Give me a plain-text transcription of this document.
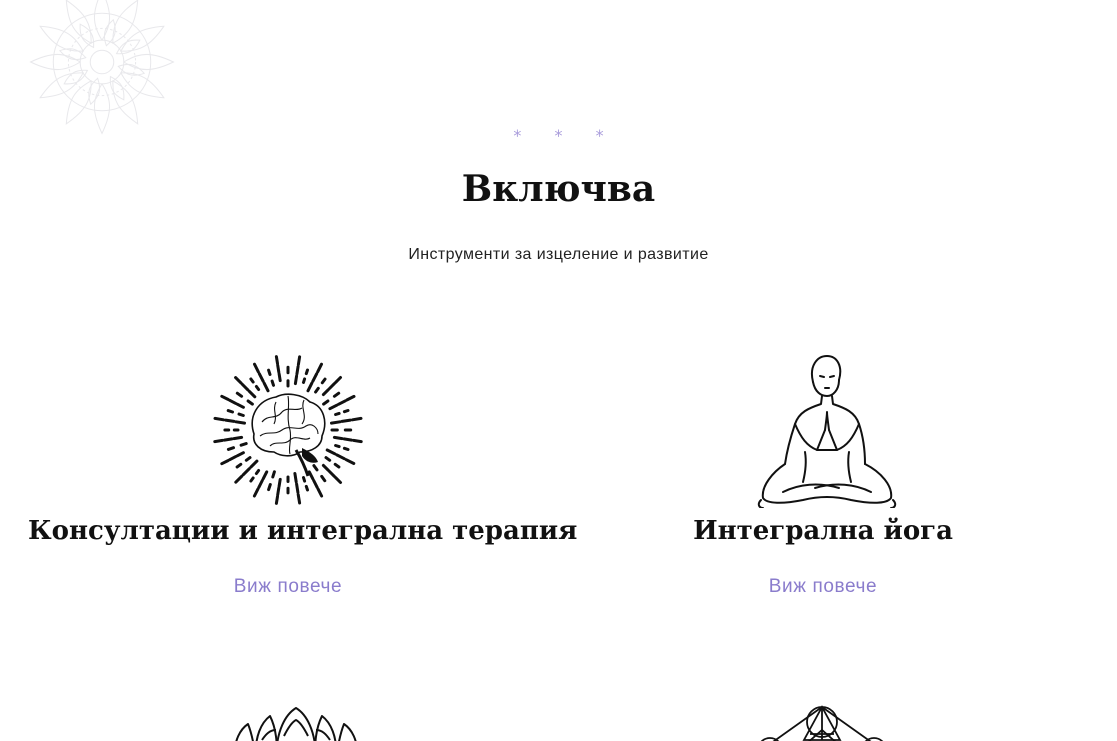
* * *
Включва

Инструменти за изцеление и развитие

Консултации и интегрална терапия
Виж повече
Интегрална йога
Виж повече
